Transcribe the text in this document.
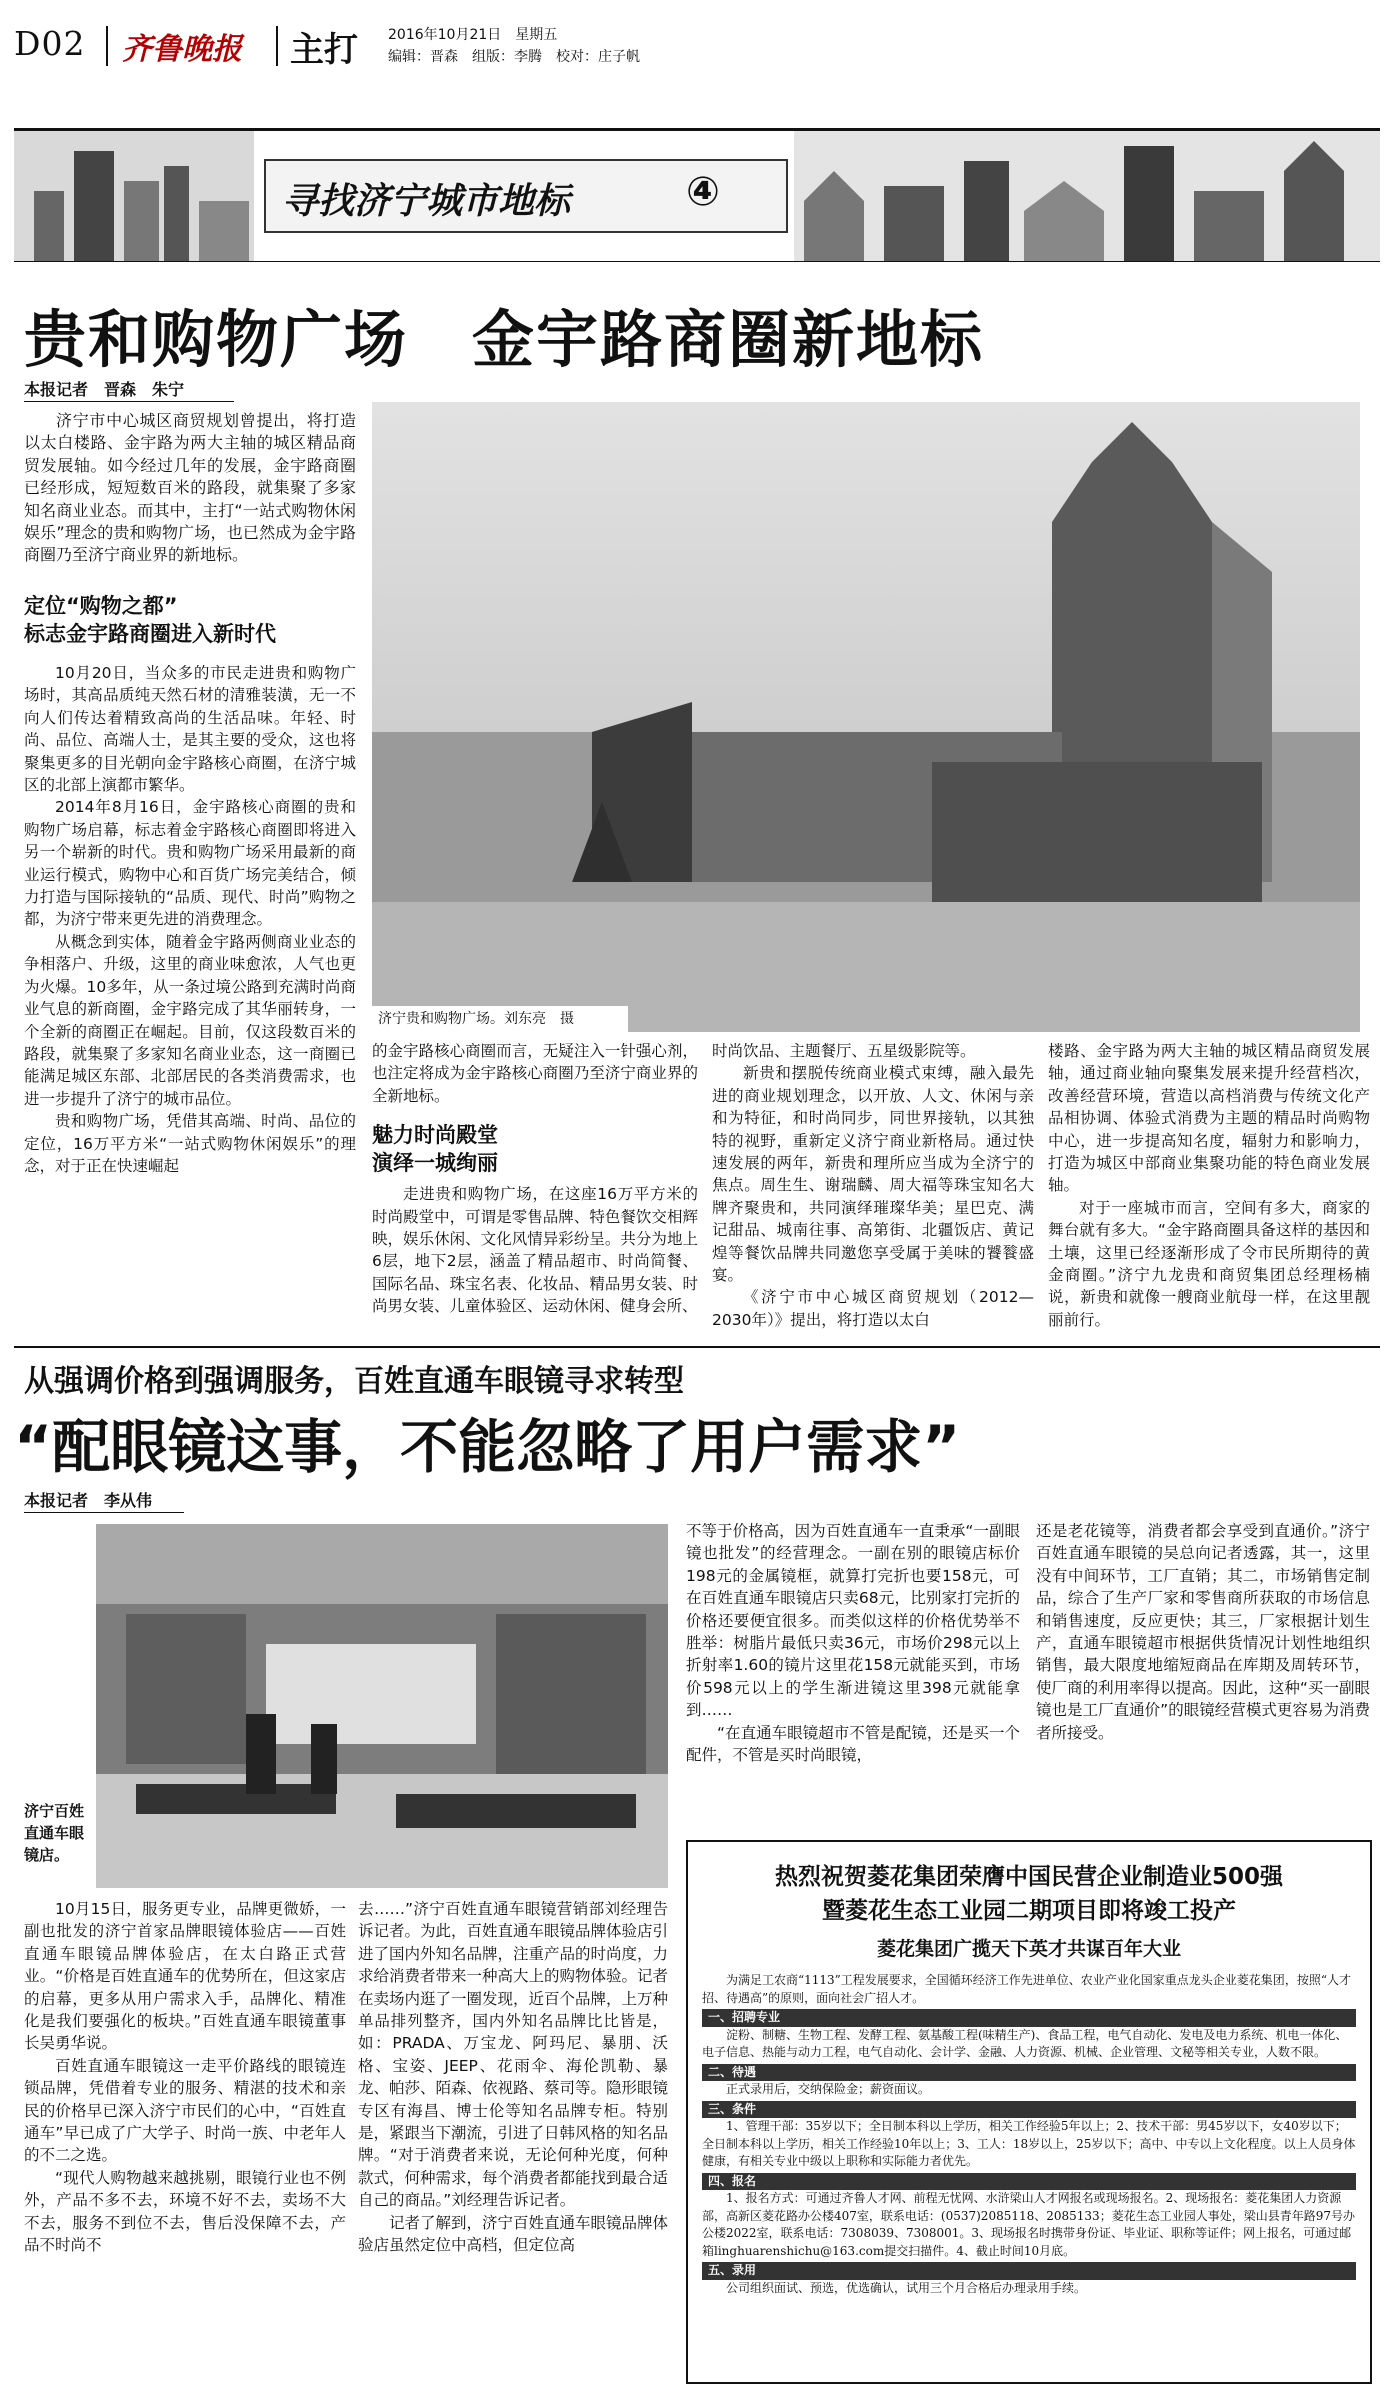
D02 齐鲁晚报 主打 2016年10月21日　星期五
编辑：晋森　组版：李腾　校对：庄子帆
寻找济宁城市地标	④
贵和购物广场　金宇路商圈新地标
本报记者　晋森　朱宁

济宁市中心城区商贸规划曾提出，将打造以太白楼路、金宇路为两大主轴的城区精品商贸发展轴。如今经过几年的发展，金宇路商圈已经形成，短短数百米的路段，就集聚了多家知名商业业态。而其中，主打“一站式购物休闲娱乐”理念的贵和购物广场，也已然成为金宇路商圈乃至济宁商业界的新地标。

定位“购物之都”
标志金宇路商圈进入新时代

10月20日，当众多的市民走进贵和购物广场时，其高品质纯天然石材的清雅装潢，无一不向人们传达着精致高尚的生活品味。年轻、时尚、品位、高端人士，是其主要的受众，这也将聚集更多的目光朝向金宇路核心商圈，在济宁城区的北部上演都市繁华。

2014年8月16日，金宇路核心商圈的贵和购物广场启幕，标志着金宇路核心商圈即将进入另一个崭新的时代。贵和购物广场采用最新的商业运行模式，购物中心和百货广场完美结合，倾力打造与国际接轨的“品质、现代、时尚”购物之都，为济宁带来更先进的消费理念。

从概念到实体，随着金宇路两侧商业业态的争相落户、升级，这里的商业味愈浓，人气也更为火爆。10多年，从一条过境公路到充满时尚商业气息的新商圈，金宇路完成了其华丽转身，一个全新的商圈正在崛起。目前，仅这段数百米的路段，就集聚了多家知名商业业态，这一商圈已能满足城区东部、北部居民的各类消费需求，也进一步提升了济宁的城市品位。

贵和购物广场，凭借其高端、时尚、品位的定位，16万平方米“一站式购物休闲娱乐”的理念，对于正在快速崛起

济宁贵和购物广场。刘东亮　摄

的金宇路核心商圈而言，无疑注入一针强心剂，也注定将成为金宇路核心商圈乃至济宁商业界的全新地标。

魅力时尚殿堂
演绎一城绚丽

走进贵和购物广场，在这座16万平方米的时尚殿堂中，可谓是零售品牌、特色餐饮交相辉映，娱乐休闲、文化风情异彩纷呈。共分为地上6层，地下2层，涵盖了精品超市、时尚简餐、国际名品、珠宝名表、化妆品、精品男女装、时尚男女装、儿童体验区、运动休闲、健身会所、

时尚饮品、主题餐厅、五星级影院等。

新贵和摆脱传统商业模式束缚，融入最先进的商业规划理念，以开放、人文、休闲与亲和为特征，和时尚同步，同世界接轨，以其独特的视野，重新定义济宁商业新格局。通过快速发展的两年，新贵和理所应当成为全济宁的焦点。周生生、谢瑞麟、周大福等珠宝知名大牌齐聚贵和，共同演绎璀璨华美；星巴克、满记甜品、城南往事、高第街、北疆饭店、黄记煌等餐饮品牌共同邀您享受属于美味的饕餮盛宴。

《济宁市中心城区商贸规划（2012—2030年）》提出，将打造以太白

楼路、金宇路为两大主轴的城区精品商贸发展轴，通过商业轴向聚集发展来提升经营档次，改善经营环境，营造以高档消费与传统文化产品相协调、体验式消费为主题的精品时尚购物中心，进一步提高知名度，辐射力和影响力，打造为城区中部商业集聚功能的特色商业发展轴。

对于一座城市而言，空间有多大，商家的舞台就有多大。“金宇路商圈具备这样的基因和土壤，这里已经逐渐形成了令市民所期待的黄金商圈。”济宁九龙贵和商贸集团总经理杨楠说，新贵和就像一艘商业航母一样，在这里靓丽前行。

从强调价格到强调服务，百姓直通车眼镜寻求转型
“配眼镜这事，不能忽略了用户需求”
本报记者　李从伟
济宁百姓直通车眼镜店。

10月15日，服务更专业，品牌更微娇，一副也批发的济宁首家品牌眼镜体验店——百姓直通车眼镜品牌体验店，在太白路正式营业。“价格是百姓直通车的优势所在，但这家店的启幕，更多从用户需求入手，品牌化、精准化是我们要强化的板块。”百姓直通车眼镜董事长吴勇华说。

百姓直通车眼镜这一走平价路线的眼镜连锁品牌，凭借着专业的服务、精湛的技术和亲民的价格早已深入济宁市民们的心中，“百姓直通车”早已成了广大学子、时尚一族、中老年人的不二之选。

“现代人购物越来越挑剔，眼镜行业也不例外，产品不多不去，环境不好不去，卖场不大不去，服务不到位不去，售后没保障不去，产品不时尚不

去……”济宁百姓直通车眼镜营销部刘经理告诉记者。为此，百姓直通车眼镜品牌体验店引进了国内外知名品牌，注重产品的时尚度，力求给消费者带来一种高大上的购物体验。记者在卖场内逛了一圈发现，近百个品牌，上万种单品排列整齐，国内外知名品牌比比皆是，如：PRADA、万宝龙、阿玛尼、暴朋、沃格、宝姿、JEEP、花雨伞、海伦凯勒、暴龙、帕莎、陌森、依视路、蔡司等。隐形眼镜专区有海昌、博士伦等知名品牌专柜。特别是，紧跟当下潮流，引进了日韩风格的知名品牌。“对于消费者来说，无论何种光度，何种款式，何种需求，每个消费者都能找到最合适自己的商品。”刘经理告诉记者。

记者了解到，济宁百姓直通车眼镜品牌体验店虽然定位中高档，但定位高

不等于价格高，因为百姓直通车一直秉承“一副眼镜也批发”的经营理念。一副在别的眼镜店标价198元的金属镜框，就算打完折也要158元，可在百姓直通车眼镜店只卖68元，比别家打完折的价格还要便宜很多。而类似这样的价格优势举不胜举：树脂片最低只卖36元，市场价298元以上折射率1.60的镜片这里花158元就能买到，市场价598元以上的学生渐进镜这里398元就能拿到……

“在直通车眼镜超市不管是配镜，还是买一个配件，不管是买时尚眼镜，

还是老花镜等，消费者都会享受到直通价。”济宁百姓直通车眼镜的吴总向记者透露，其一，这里没有中间环节，工厂直销；其二，市场销售定制品，综合了生产厂家和零售商所获取的市场信息和销售速度，反应更快；其三，厂家根据计划生产，直通车眼镜超市根据供货情况计划性地组织销售，最大限度地缩短商品在库期及周转环节，使厂商的利用率得以提高。因此，这种“买一副眼镜也是工厂直通价”的眼镜经营模式更容易为消费者所接受。

热烈祝贺菱花集团荣膺中国民营企业制造业500强
暨菱花生态工业园二期项目即将竣工投产
菱花集团广揽天下英才共谋百年大业
为满足工农商“1113”工程发展要求，全国循环经济工作先进单位、农业产业化国家重点龙头企业菱花集团，按照“人才招、待遇高”的原则，面向社会广招人才。
一、招聘专业
淀粉、制糖、生物工程、发酵工程、氨基酸工程(味精生产)、食品工程，电气自动化、发电及电力系统、机电一体化、电子信息、热能与动力工程，电气自动化、会计学、金融、人力资源、机械、企业管理、文秘等相关专业，人数不限。
二、待遇
正式录用后，交纳保险金；薪资面议。
三、条件
1、管理干部：35岁以下；全日制本科以上学历，相关工作经验5年以上；2、技术干部：男45岁以下，女40岁以下；全日制本科以上学历，相关工作经验10年以上；3、工人：18岁以上，25岁以下；高中、中专以上文化程度。以上人员身体健康，有相关专业中级以上职称和实际能力者优先。
四、报名
1、报名方式：可通过齐鲁人才网、前程无忧网、水浒梁山人才网报名或现场报名。2、现场报名：菱花集团人力资源部，高新区菱花路办公楼407室，联系电话：(0537)2085118、2085133；菱花生态工业园人事处，梁山县青年路97号办公楼2022室，联系电话：7308039、7308001。3、现场报名时携带身份证、毕业证、职称等证件；网上报名，可通过邮箱linghuarenshichu@163.com提交扫描件。4、截止时间10月底。
五、录用
公司组织面试、预选，优选确认，试用三个月合格后办理录用手续。
